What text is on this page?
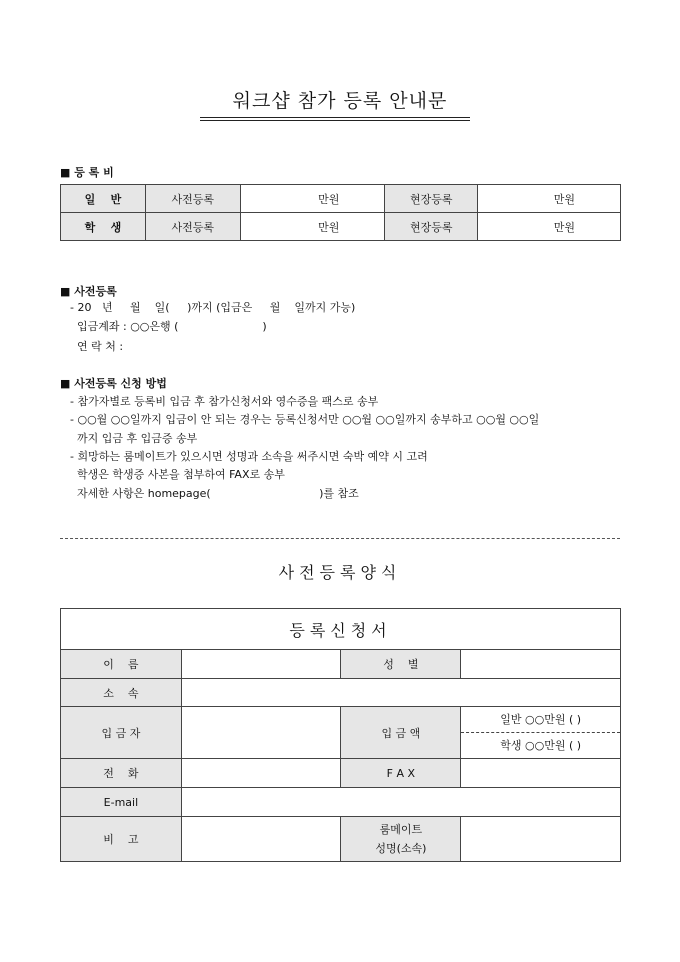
워크샵 참가 등록 안내문
■ 등 록 비
일    반	사전등록	만원	현장등록	만원
학    생	사전등록	만원	현장등록	만원
■ 사전등록
- 20   년     월    일(     )까지 (입금은     월    일까지 가능)
입금계좌 : ○○은행 (                        )
연 락 처 :
■ 사전등록 신청 방법
- 참가자별로 등록비 입금 후 참가신청서와 영수증을 팩스로 송부
- ○○월 ○○일까지 입금이 안 되는 경우는 등록신청서만 ○○월 ○○일까지 송부하고 ○○월 ○○일
까지 입금 후 입금증 송부
- 희망하는 룸메이트가 있으시면 성명과 소속을 써주시면 숙박 예약 시 고려
학생은 학생증 사본을 첨부하여 FAX로 송부
자세한 사항은 homepage(                               )를 참조
사전등록양식
등록신청서			
이    름		성    별	
소    속			
입 금 자		입 금 액	일반 ○○만원 ( )
학생 ○○만원 ( )

전    화		F A X	
E-mail			
비    고		룸메이트
성명(소속)	
